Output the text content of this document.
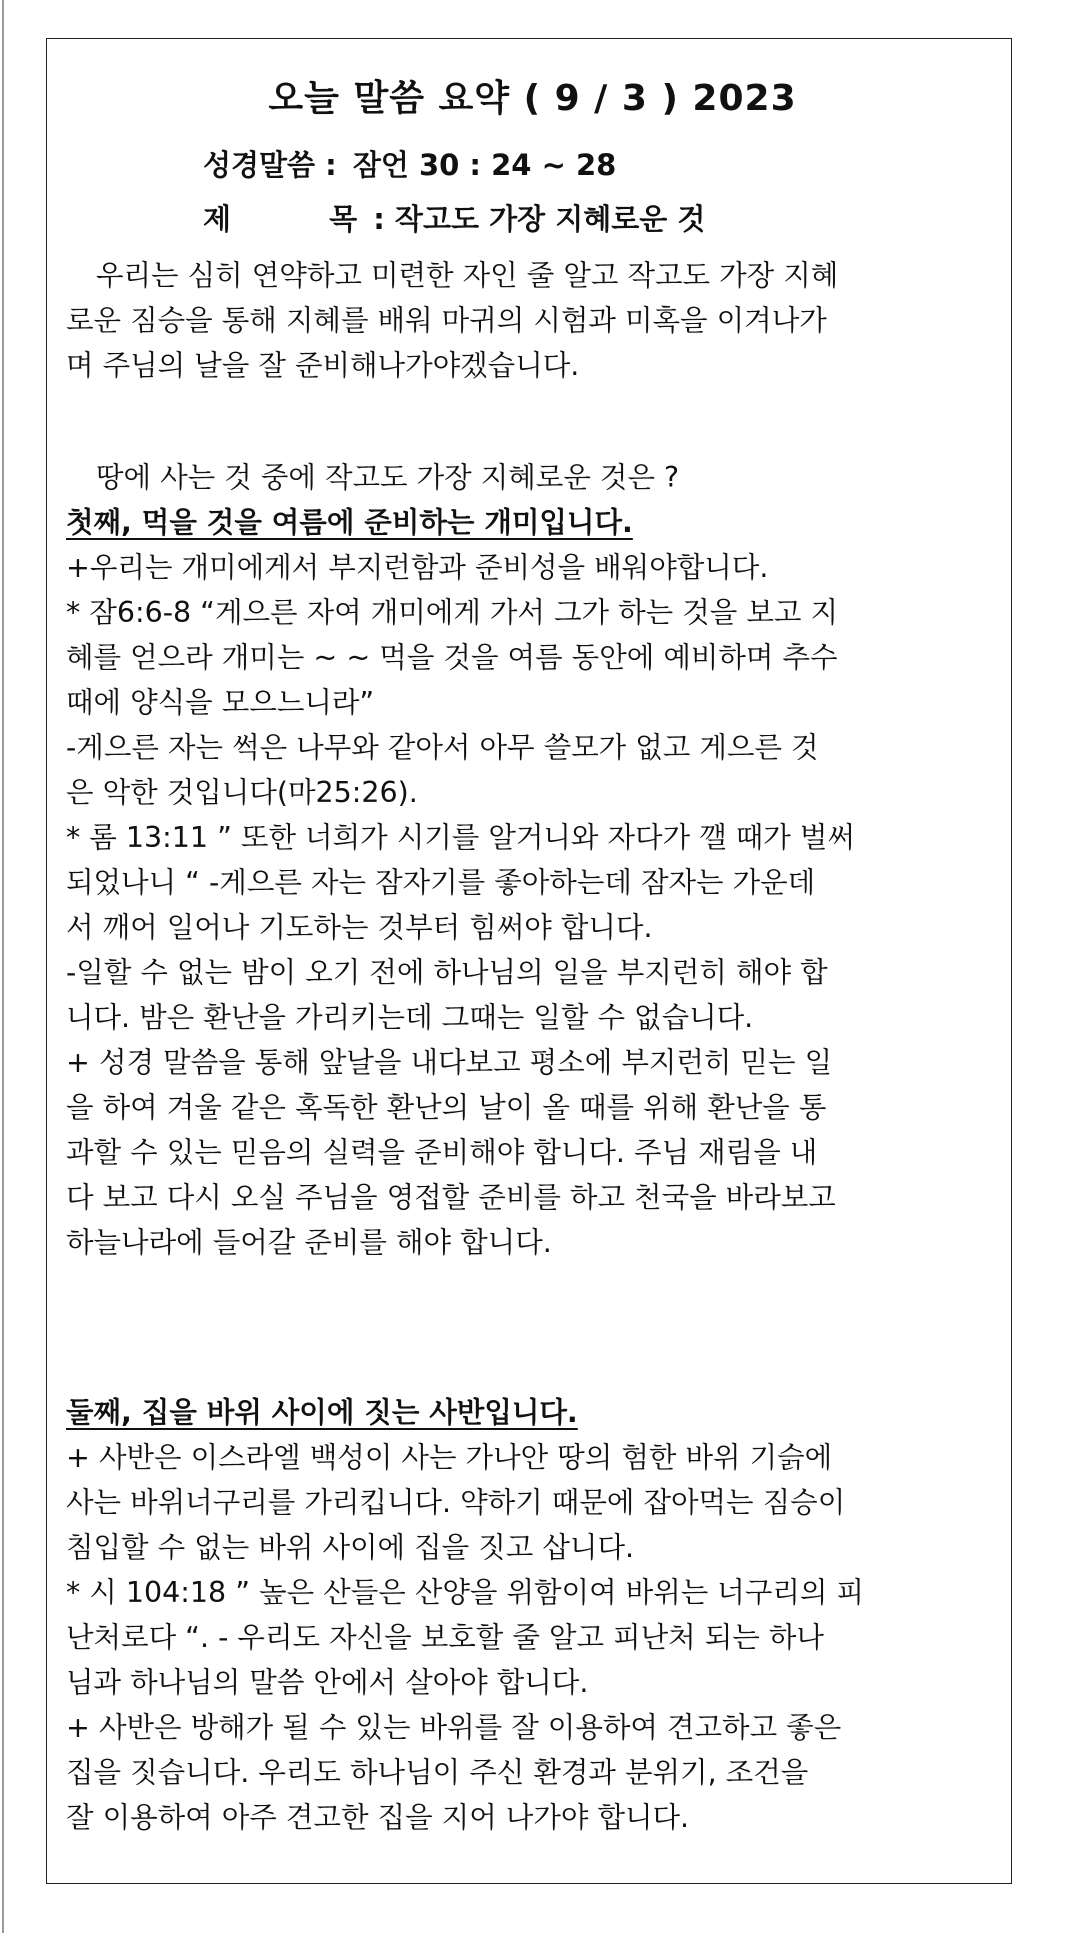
오늘 말씀 요약 ( 9 / 3 ) 2023
성경말씀 : 잠언 30 : 24 ~ 28
제 목 : 작고도 가장 지혜로운 것
우리는 심히 연약하고 미련한 자인 줄 알고 작고도 가장 지혜
로운 짐승을 통해 지혜를 배워 마귀의 시험과 미혹을 이겨나가
며 주님의 날을 잘 준비해나가야겠습니다.
땅에 사는 것 중에 작고도 가장 지혜로운 것은 ?
첫째, 먹을 것을 여름에 준비하는 개미입니다.
+우리는 개미에게서 부지런함과 준비성을 배워야합니다.
* 잠6:6-8 “게으른 자여 개미에게 가서 그가 하는 것을 보고 지
혜를 얻으라 개미는 ~ ~ 먹을 것을 여름 동안에 예비하며 추수
때에 양식을 모으느니라”
-게으른 자는 썩은 나무와 같아서 아무 쓸모가 없고 게으른 것
은 악한 것입니다(마25:26).
* 롬 13:11 ” 또한 너희가 시기를 알거니와 자다가 깰 때가 벌써
되었나니 “ -게으른 자는 잠자기를 좋아하는데 잠자는 가운데
서 깨어 일어나 기도하는 것부터 힘써야 합니다.
-일할 수 없는 밤이 오기 전에 하나님의 일을 부지런히 해야 합
니다. 밤은 환난을 가리키는데 그때는 일할 수 없습니다.
+ 성경 말씀을 통해 앞날을 내다보고 평소에 부지런히 믿는 일
을 하여 겨울 같은 혹독한 환난의 날이 올 때를 위해 환난을 통
과할 수 있는 믿음의 실력을 준비해야 합니다. 주님 재림을 내
다 보고 다시 오실 주님을 영접할 준비를 하고 천국을 바라보고
하늘나라에 들어갈 준비를 해야 합니다.
둘째, 집을 바위 사이에 짓는 사반입니다.
+ 사반은 이스라엘 백성이 사는 가나안 땅의 험한 바위 기슭에
사는 바위너구리를 가리킵니다. 약하기 때문에 잡아먹는 짐승이
침입할 수 없는 바위 사이에 집을 짓고 삽니다.
* 시 104:18 ” 높은 산들은 산양을 위함이여 바위는 너구리의 피
난처로다 “. - 우리도 자신을 보호할 줄 알고 피난처 되는 하나
님과 하나님의 말씀 안에서 살아야 합니다.
+ 사반은 방해가 될 수 있는 바위를 잘 이용하여 견고하고 좋은
집을 짓습니다. 우리도 하나님이 주신 환경과 분위기, 조건을
잘 이용하여 아주 견고한 집을 지어 나가야 합니다.
